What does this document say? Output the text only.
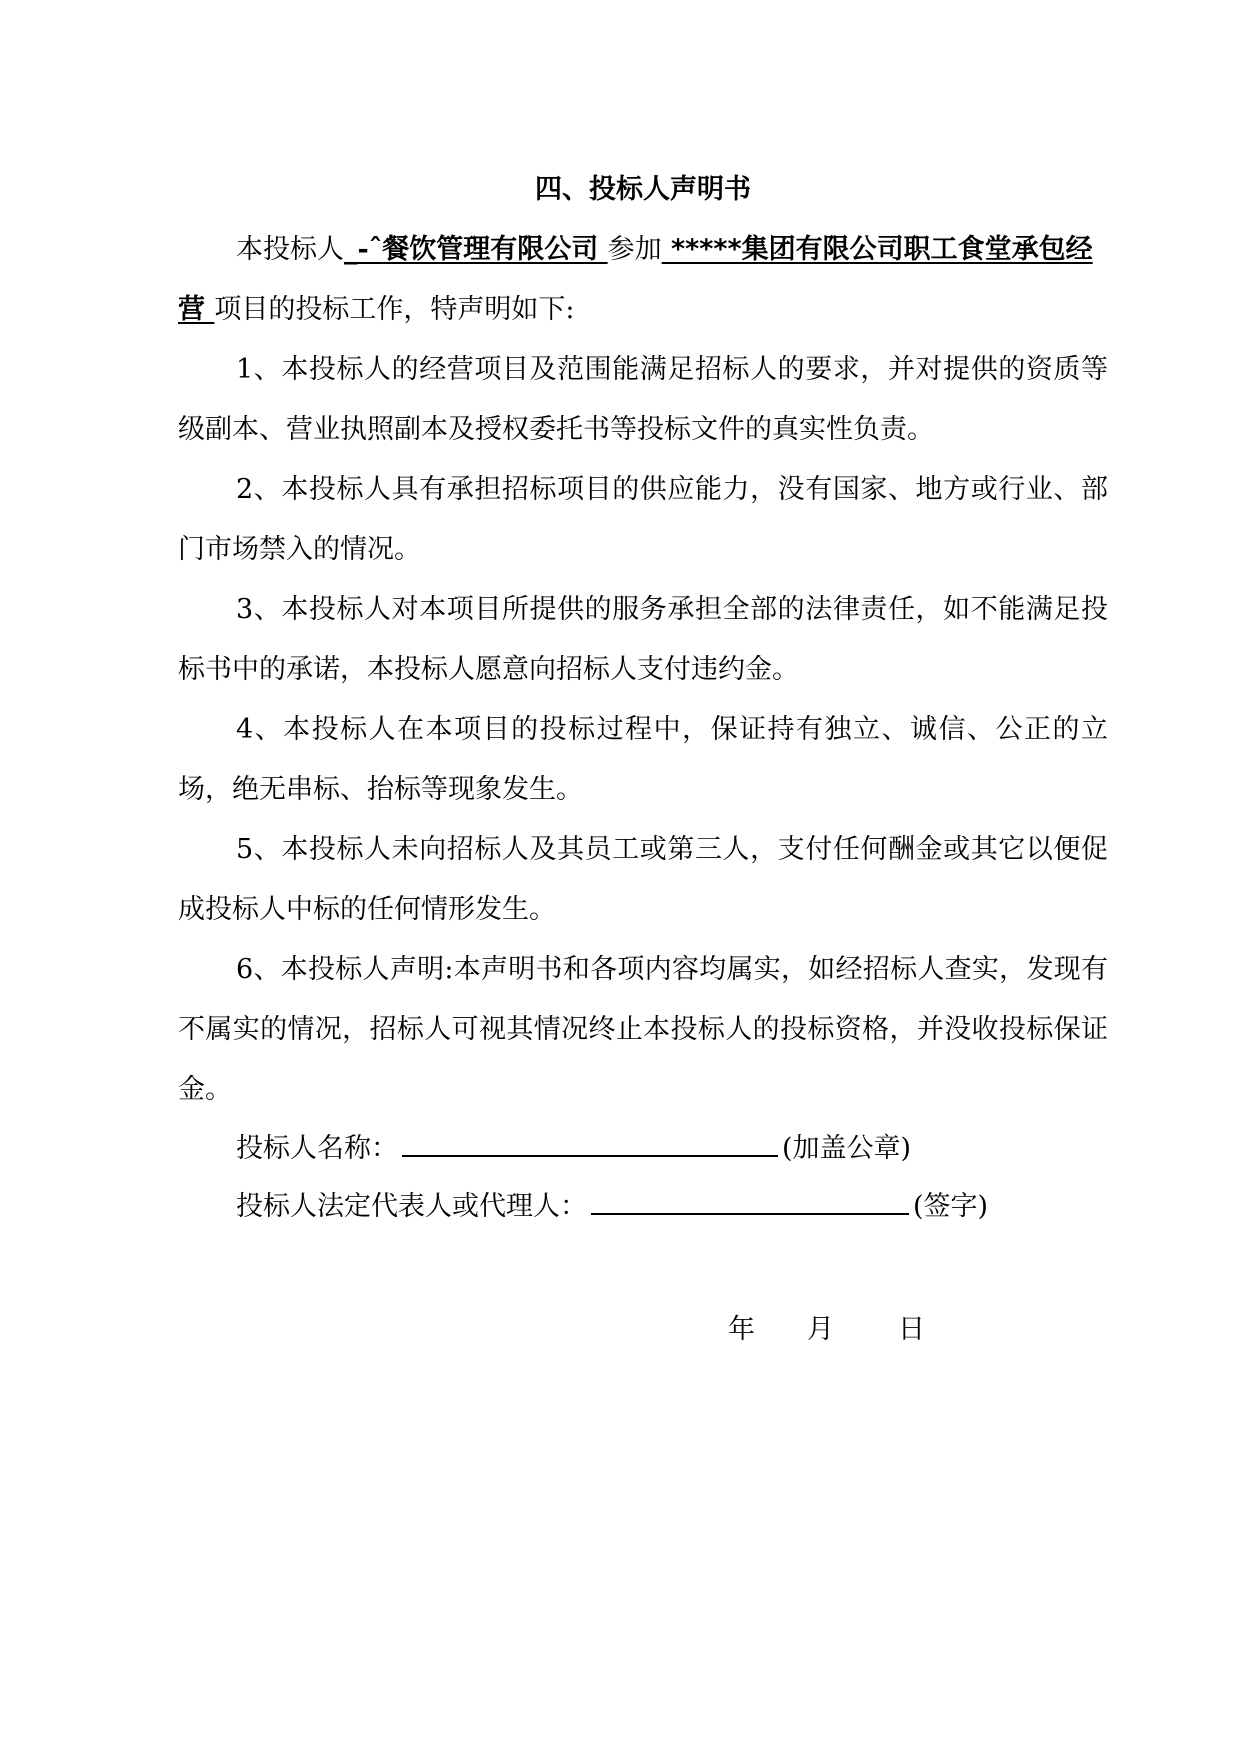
四、投标人声明书

本投标人_-ˆ餐饮管理有限公司 参加 *****集团有限公司职工食堂承包经营 项目的投标工作，特声明如下:

1、本投标人的经营项目及范围能满足招标人的要求，并对提供的资质等级副本、营业执照副本及授权委托书等投标文件的真实性负责。

2、本投标人具有承担招标项目的供应能力，没有国家、地方或行业、部门市场禁入的情况。

3、本投标人对本项目所提供的服务承担全部的法律责任，如不能满足投标书中的承诺，本投标人愿意向招标人支付违约金。

4、本投标人在本项目的投标过程中，保证持有独立、诚信、公正的立场，绝无串标、抬标等现象发生。

5、本投标人未向招标人及其员工或第三人，支付任何酬金或其它以便促成投标人中标的任何情形发生。

6、本投标人声明:本声明书和各项内容均属实，如经招标人查实，发现有不属实的情况，招标人可视其情况终止本投标人的投标资格，并没收投标保证金。

投标人名称：	(加盖公章)

投标人法定代表人或代理人：	(签字)

年 月 日
